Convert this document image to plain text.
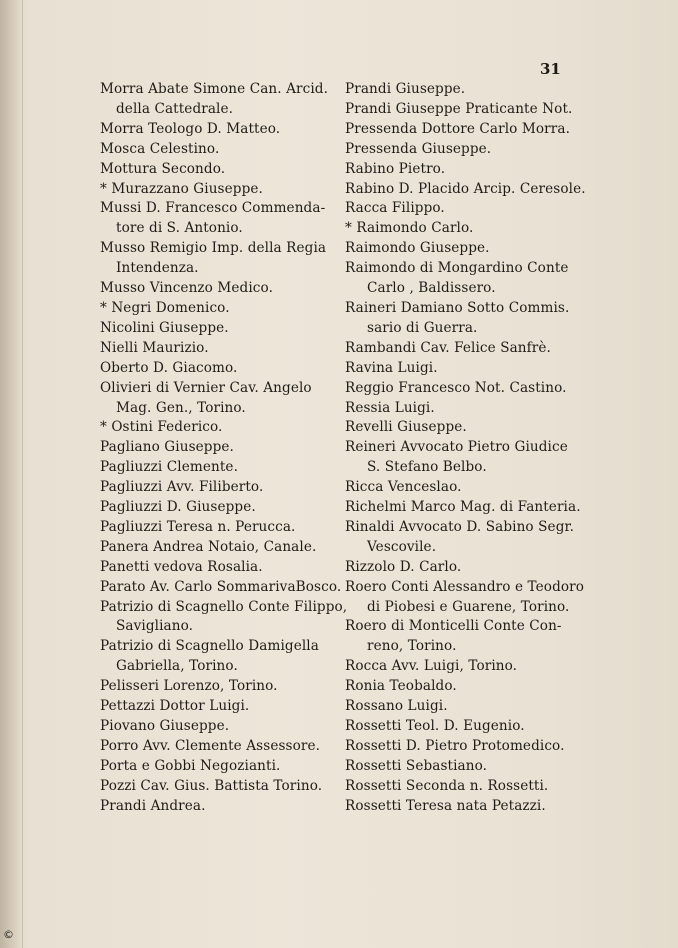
31
Morra Abate Simone Can. Arcid.
della Cattedrale.
Morra Teologo D. Matteo.
Mosca Celestino.
Mottura Secondo.
* Murazzano Giuseppe.
Mussi D. Francesco Commenda-
tore di S. Antonio.
Musso Remigio Imp. della Regia
Intendenza.
Musso Vincenzo Medico.
* Negri Domenico.
Nicolini Giuseppe.
Nielli Maurizio.
Oberto D. Giacomo.
Olivieri di Vernier Cav. Angelo
Mag. Gen., Torino.
* Ostini Federico.
Pagliano Giuseppe.
Pagliuzzi Clemente.
Pagliuzzi Avv. Filiberto.
Pagliuzzi D. Giuseppe.
Pagliuzzi Teresa n. Perucca.
Panera Andrea Notaio, Canale.
Panetti vedova Rosalia.
Parato Av. Carlo SommarivaBosco.
Patrizio di Scagnello Conte Filippo,
Savigliano.
Patrizio di Scagnello Damigella
Gabriella, Torino.
Pelisseri Lorenzo, Torino.
Pettazzi Dottor Luigi.
Piovano Giuseppe.
Porro Avv. Clemente Assessore.
Porta e Gobbi Negozianti.
Pozzi Cav. Gius. Battista Torino.
Prandi Andrea.
Prandi Giuseppe.
Prandi Giuseppe Praticante Not.
Pressenda Dottore Carlo Morra.
Pressenda Giuseppe.
Rabino Pietro.
Rabino D. Placido Arcip. Ceresole.
Racca Filippo.
* Raimondo Carlo.
Raimondo Giuseppe.
Raimondo di Mongardino Conte
Carlo , Baldissero.
Raineri Damiano Sotto Commis.
sario di Guerra.
Rambandi Cav. Felice Sanfrè.
Ravina Luigi.
Reggio Francesco Not. Castino.
Ressia Luigi.
Revelli Giuseppe.
Reineri Avvocato Pietro Giudice
S. Stefano Belbo.
Ricca Venceslao.
Richelmi Marco Mag. di Fanteria.
Rinaldi Avvocato D. Sabino Segr.
Vescovile.
Rizzolo D. Carlo.
Roero Conti Alessandro e Teodoro
di Piobesi e Guarene, Torino.
Roero di Monticelli Conte Con-
reno, Torino.
Rocca Avv. Luigi, Torino.
Ronia Teobaldo.
Rossano Luigi.
Rossetti Teol. D. Eugenio.
Rossetti D. Pietro Protomedico.
Rossetti Sebastiano.
Rossetti Seconda n. Rossetti.
Rossetti Teresa nata Petazzi.
©
